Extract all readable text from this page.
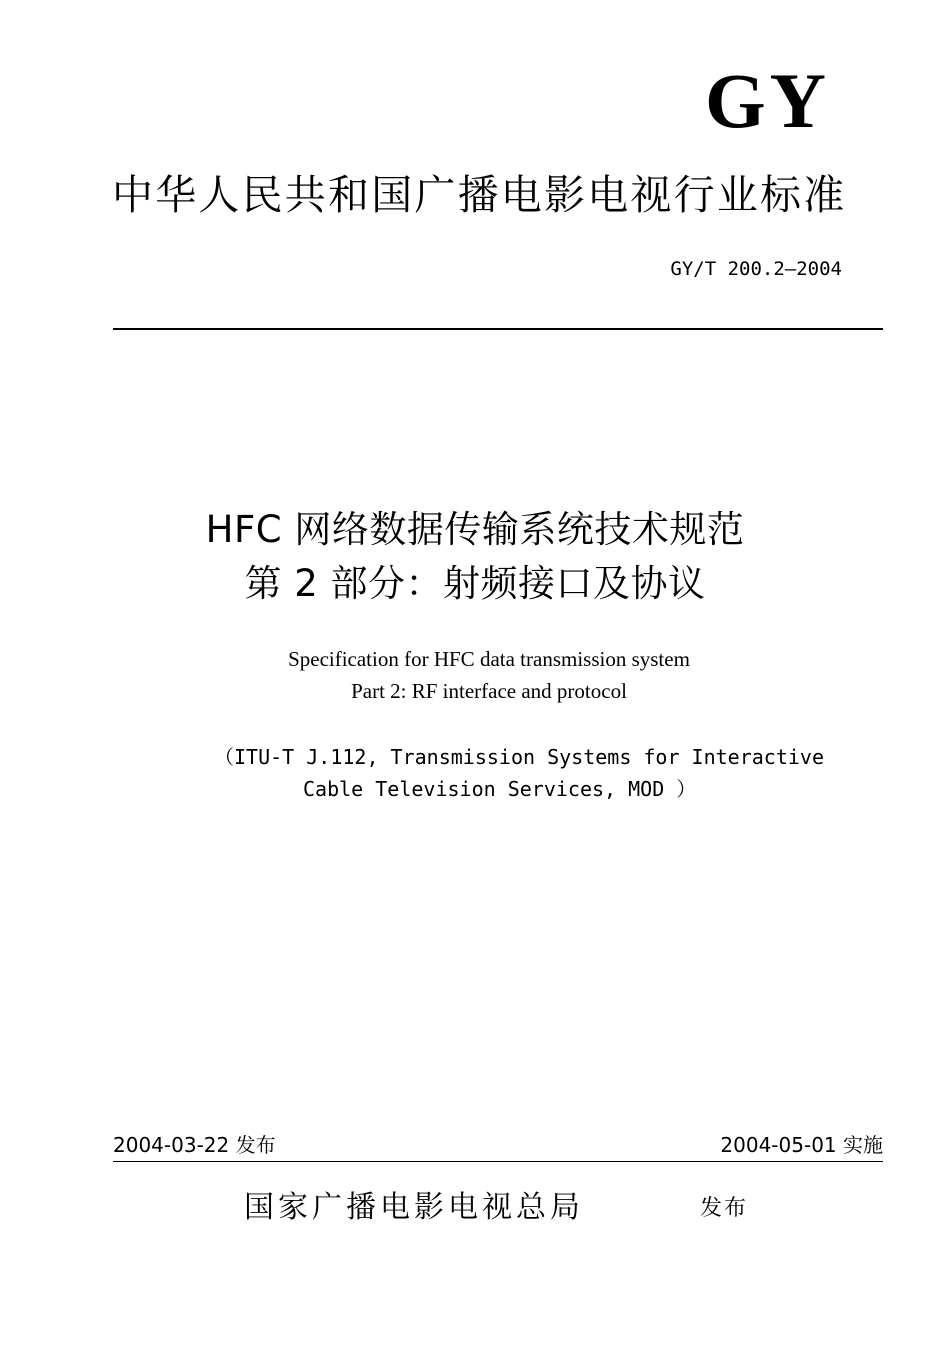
GY
中华人民共和国广播电影电视行业标准
GY/T 200.2—2004
HFC 网络数据传输系统技术规范
第 2 部分：射频接口及协议
Specification for HFC data transmission system
Part 2: RF interface and protocol
（ITU-T J.112, Transmission Systems for Interactive
Cable Television Services, MOD ）
2004-03-22 发布	2004-05-01 实施
国家广播电影电视总局	发布
